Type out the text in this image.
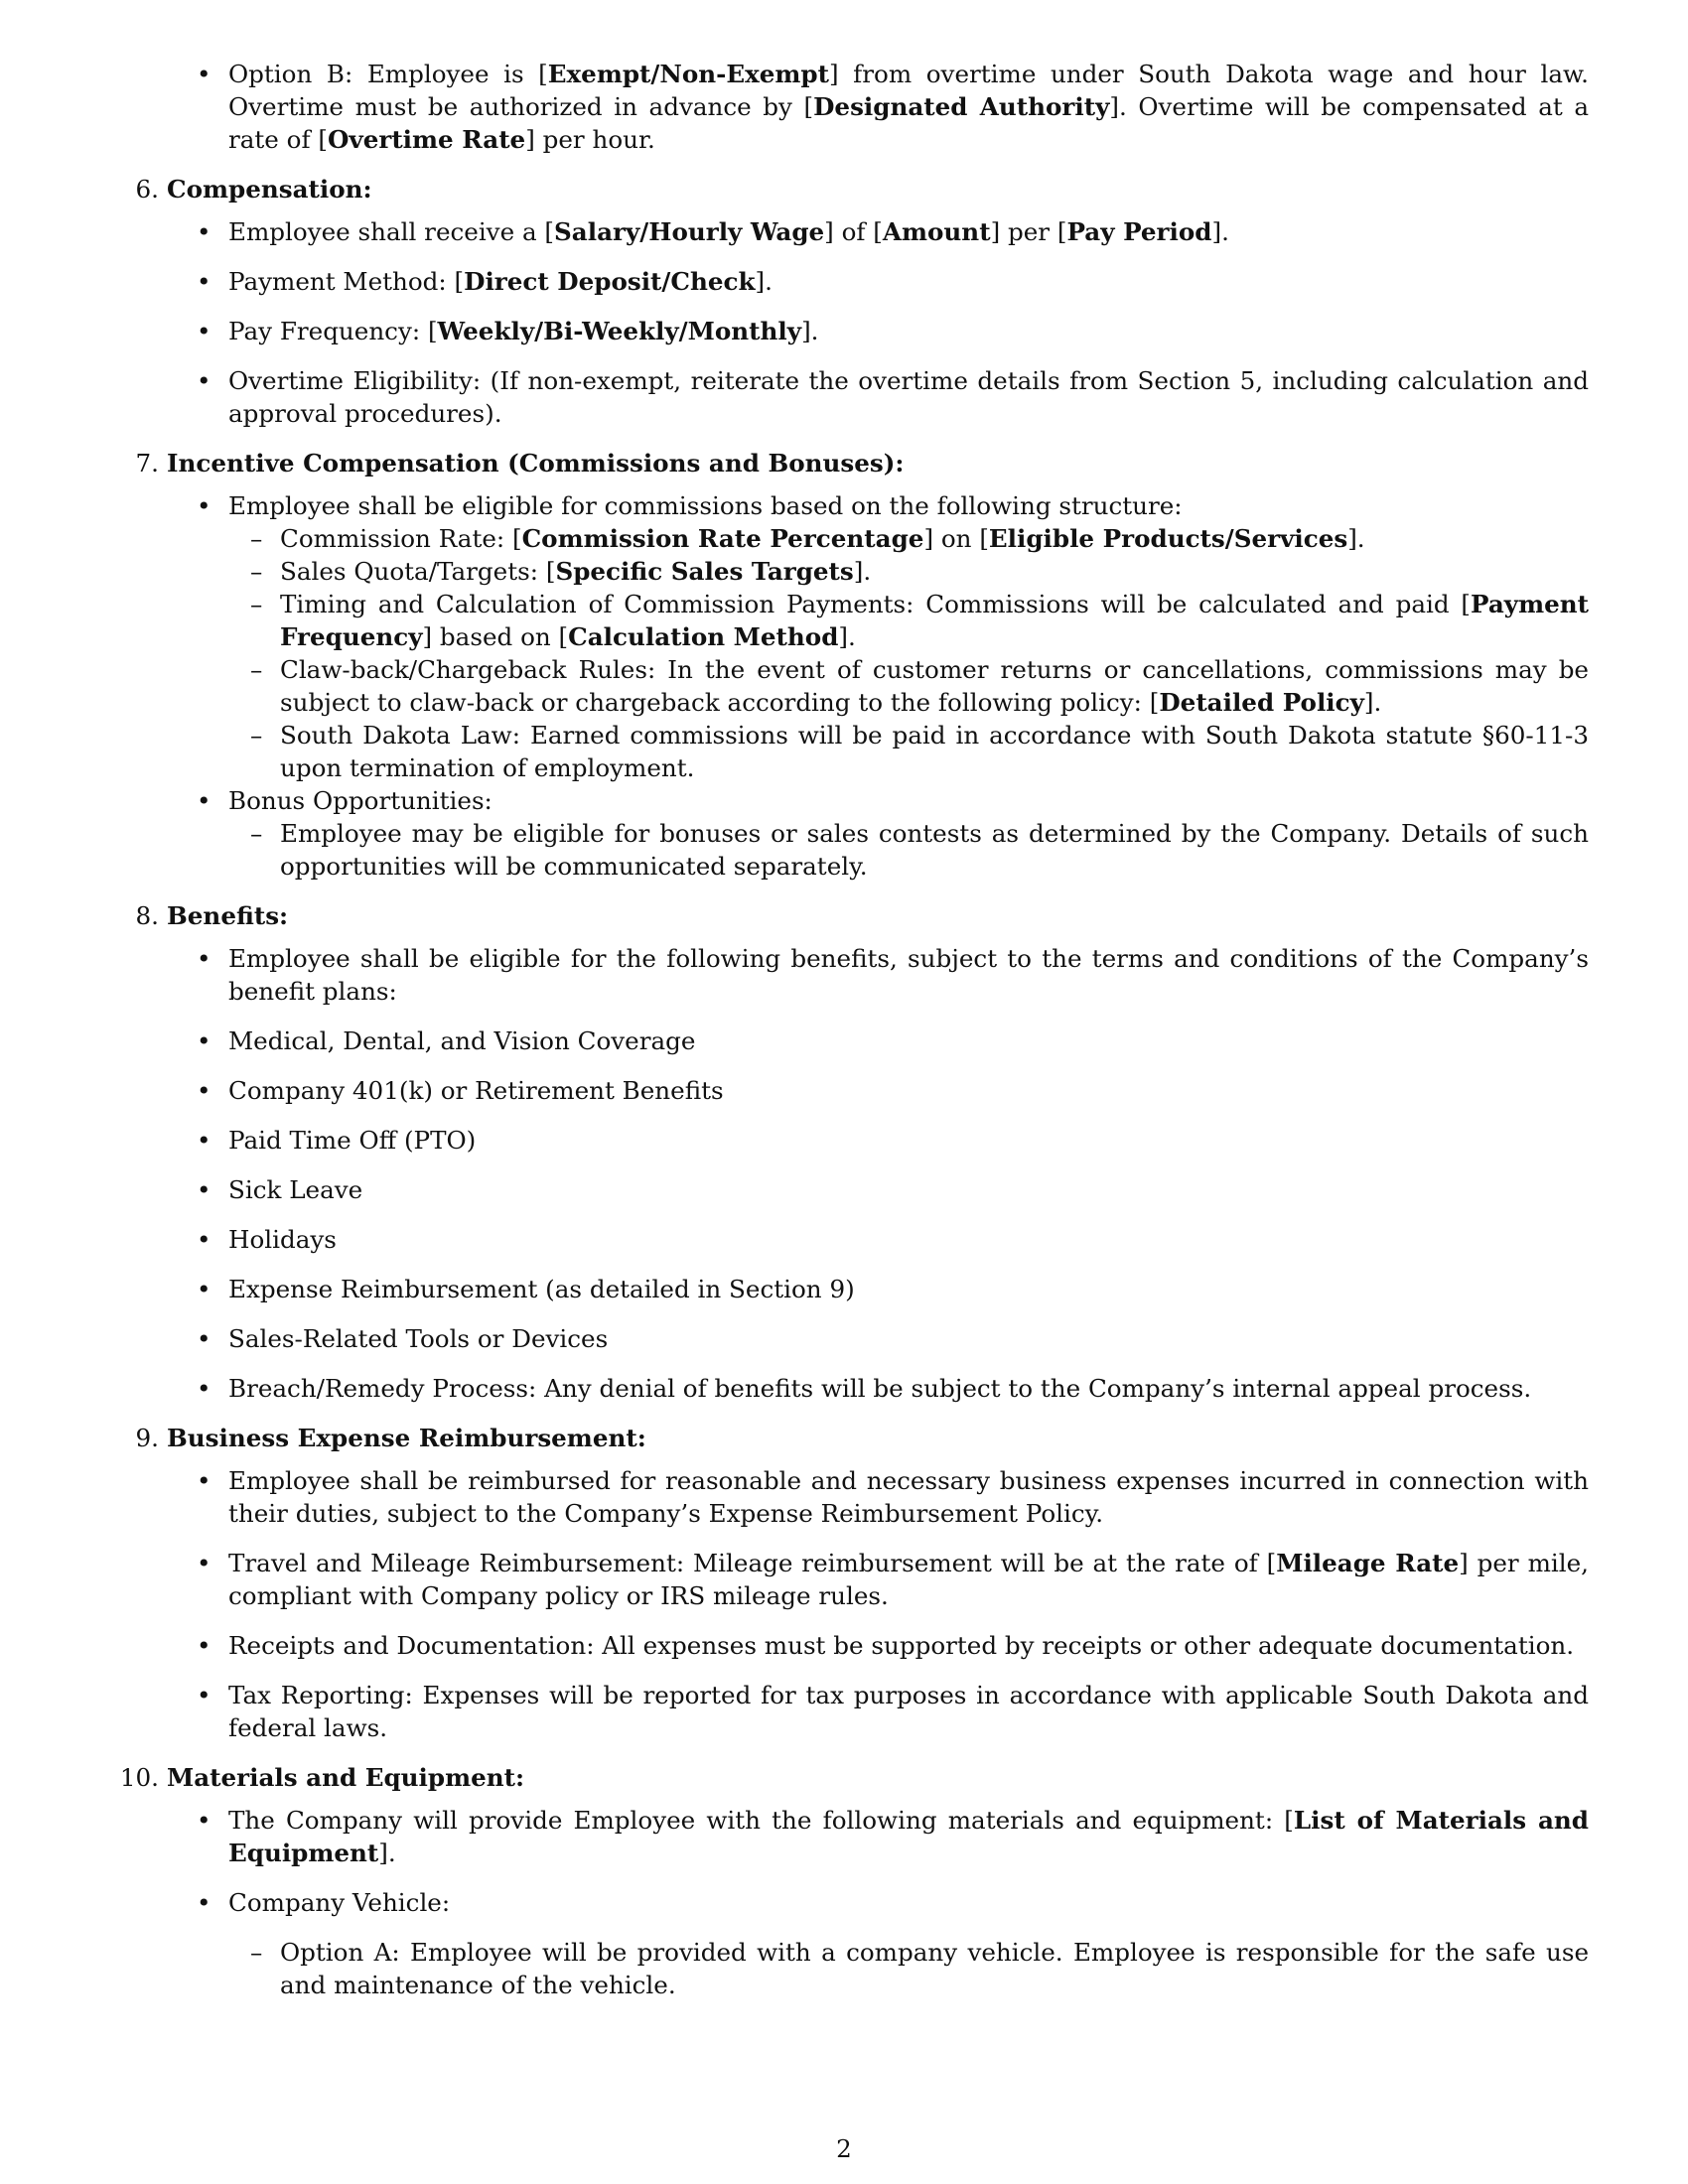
• Option B: Employee is [Exempt/Non-Exempt] from overtime under South Dakota wage and hour law. Overtime must be authorized in advance by [Designated Authority]. Overtime will be compensated at a rate of [Overtime Rate] per hour.
6. Compensation:
• Employee shall receive a [Salary/Hourly Wage] of [Amount] per [Pay Period].
• Payment Method: [Direct Deposit/Check].
• Pay Frequency: [Weekly/Bi-Weekly/Monthly].
• Overtime Eligibility: (If non-exempt, reiterate the overtime details from Section 5, including calculation and approval procedures).
7. Incentive Compensation (Commissions and Bonuses):
• Employee shall be eligible for commissions based on the following structure:
– Commission Rate: [Commission Rate Percentage] on [Eligible Products/Services].
– Sales Quota/Targets: [Specific Sales Targets].
– Timing and Calculation of Commission Payments: Commissions will be calculated and paid [Payment Frequency] based on [Calculation Method].
– Claw-back/Chargeback Rules: In the event of customer returns or cancellations, commissions may be subject to claw-back or chargeback according to the following policy: [Detailed Policy].
– South Dakota Law: Earned commissions will be paid in accordance with South Dakota statute §60-11-3 upon termination of employment.
• Bonus Opportunities:
– Employee may be eligible for bonuses or sales contests as determined by the Company. Details of such opportunities will be communicated separately.
8. Benefits:
• Employee shall be eligible for the following benefits, subject to the terms and conditions of the Company’s benefit plans:
• Medical, Dental, and Vision Coverage
• Company 401(k) or Retirement Benefits
• Paid Time Off (PTO)
• Sick Leave
• Holidays
• Expense Reimbursement (as detailed in Section 9)
• Sales-Related Tools or Devices
• Breach/Remedy Process: Any denial of benefits will be subject to the Company’s internal appeal process.
9. Business Expense Reimbursement:
• Employee shall be reimbursed for reasonable and necessary business expenses incurred in connection with their duties, subject to the Company’s Expense Reimbursement Policy.
• Travel and Mileage Reimbursement: Mileage reimbursement will be at the rate of [Mileage Rate] per mile, compliant with Company policy or IRS mileage rules.
• Receipts and Documentation: All expenses must be supported by receipts or other adequate documentation.
• Tax Reporting: Expenses will be reported for tax purposes in accordance with applicable South Dakota and federal laws.
10. Materials and Equipment:
• The Company will provide Employee with the following materials and equipment: [List of Materials and Equipment].
• Company Vehicle:
– Option A: Employee will be provided with a company vehicle. Employee is responsible for the safe use and maintenance of the vehicle.
2
